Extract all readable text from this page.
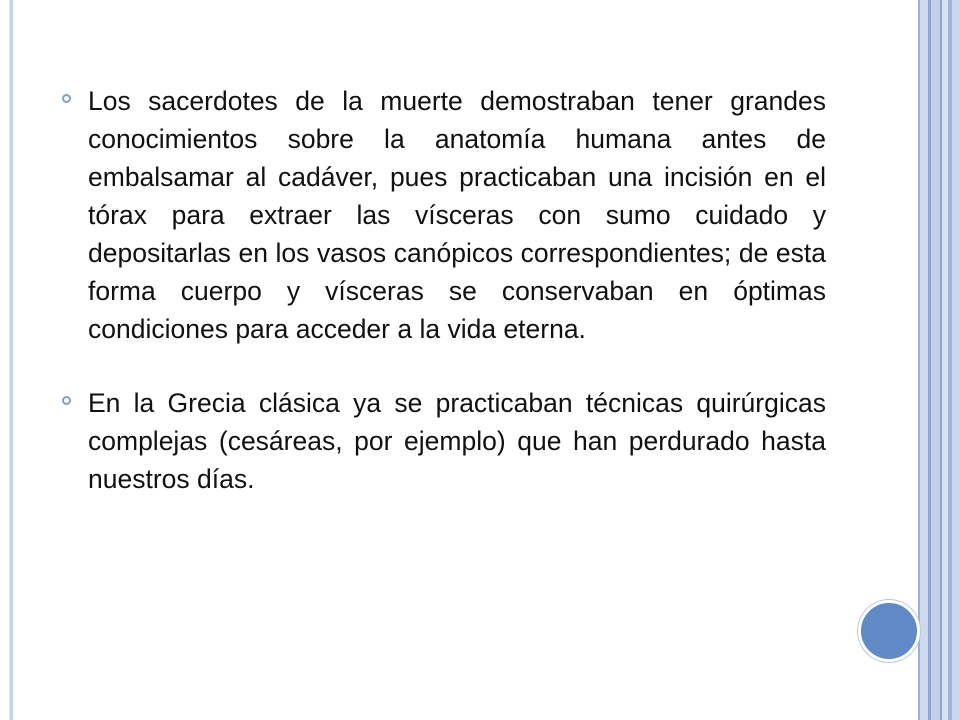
Los sacerdotes de la muerte demostraban tener grandes conocimientos sobre la anatomía humana antes de embalsamar al cadáver, pues practicaban una incisión en el tórax para extraer las vísceras con sumo cuidado y depositarlas en los vasos canópicos correspondientes; de esta forma cuerpo y vísceras se conservaban en óptimas condiciones para acceder a la vida eterna.

En la Grecia clásica ya se practicaban técnicas quirúrgicas complejas (cesáreas, por ejemplo) que han perdurado hasta nuestros días.
